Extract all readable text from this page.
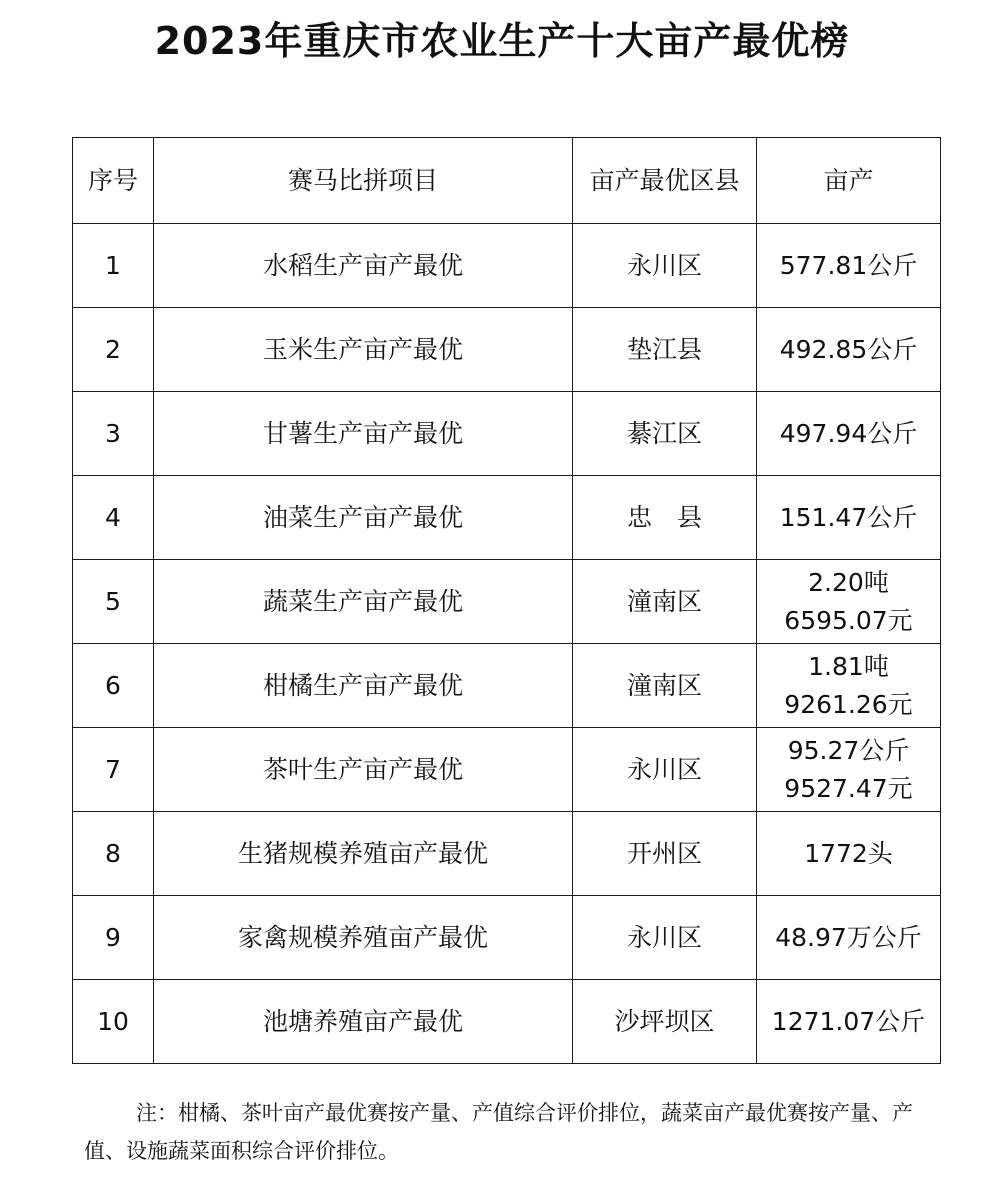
2023年重庆市农业生产十大亩产最优榜
序号	赛马比拼项目	亩产最优区县	亩产
1	水稻生产亩产最优	永川区	577.81公斤

2	玉米生产亩产最优	垫江县	492.85公斤

3	甘薯生产亩产最优	綦江区	497.94公斤

4	油菜生产亩产最优	忠　县	151.47公斤

5	蔬菜生产亩产最优	潼南区	2.20吨
6595.07元

6	柑橘生产亩产最优	潼南区	1.81吨
9261.26元

7	茶叶生产亩产最优	永川区	95.27公斤
9527.47元

8	生猪规模养殖亩产最优	开州区	1772头

9	家禽规模养殖亩产最优	永川区	48.97万公斤

10	池塘养殖亩产最优	沙坪坝区	1271.07公斤

注：柑橘、茶叶亩产最优赛按产量、产值综合评价排位，蔬菜亩产最优赛按产量、产值、设施蔬菜面积综合评价排位。
